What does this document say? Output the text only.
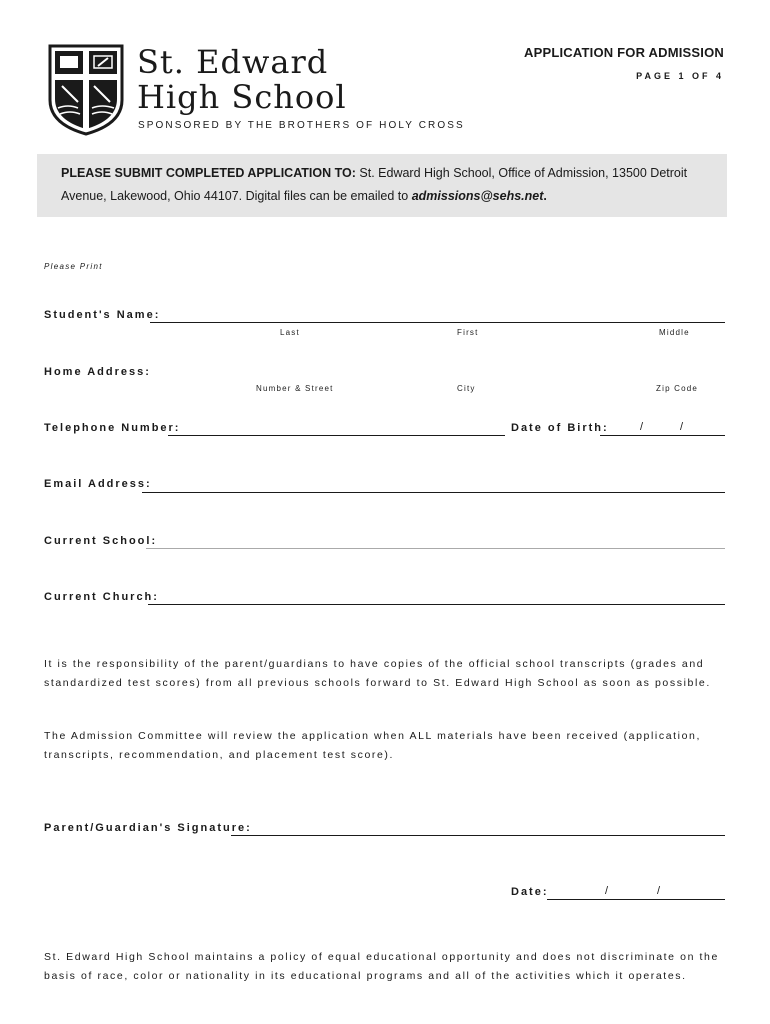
St. Edward
High School
SPONSORED BY THE BROTHERS OF HOLY CROSS
APPLICATION FOR ADMISSION
PAGE 1 OF 4
PLEASE SUBMIT COMPLETED APPLICATION TO: St. Edward High School, Office of Admission, 13500 Detroit Avenue, Lakewood, Ohio 44107. Digital files can be emailed to admissions@sehs.net.
Please Print
Student's Name:
Last	First	Middle
Home Address:
Number & Street	City	Zip Code
Telephone Number:	Date of Birth:	/	/
Email Address:
Current School:
Current Church:
It is the responsibility of the parent/guardians to have copies of the official school transcripts (grades and standardized test scores) from all previous schools forward to St. Edward High School as soon as possible.
The Admission Committee will review the application when ALL materials have been received (application, transcripts, recommendation, and placement test score).
Parent/Guardian's Signature:
Date:	/	/
St. Edward High School maintains a policy of equal educational opportunity and does not discriminate on the basis of race, color or nationality in its educational programs and all of the activities which it operates.
